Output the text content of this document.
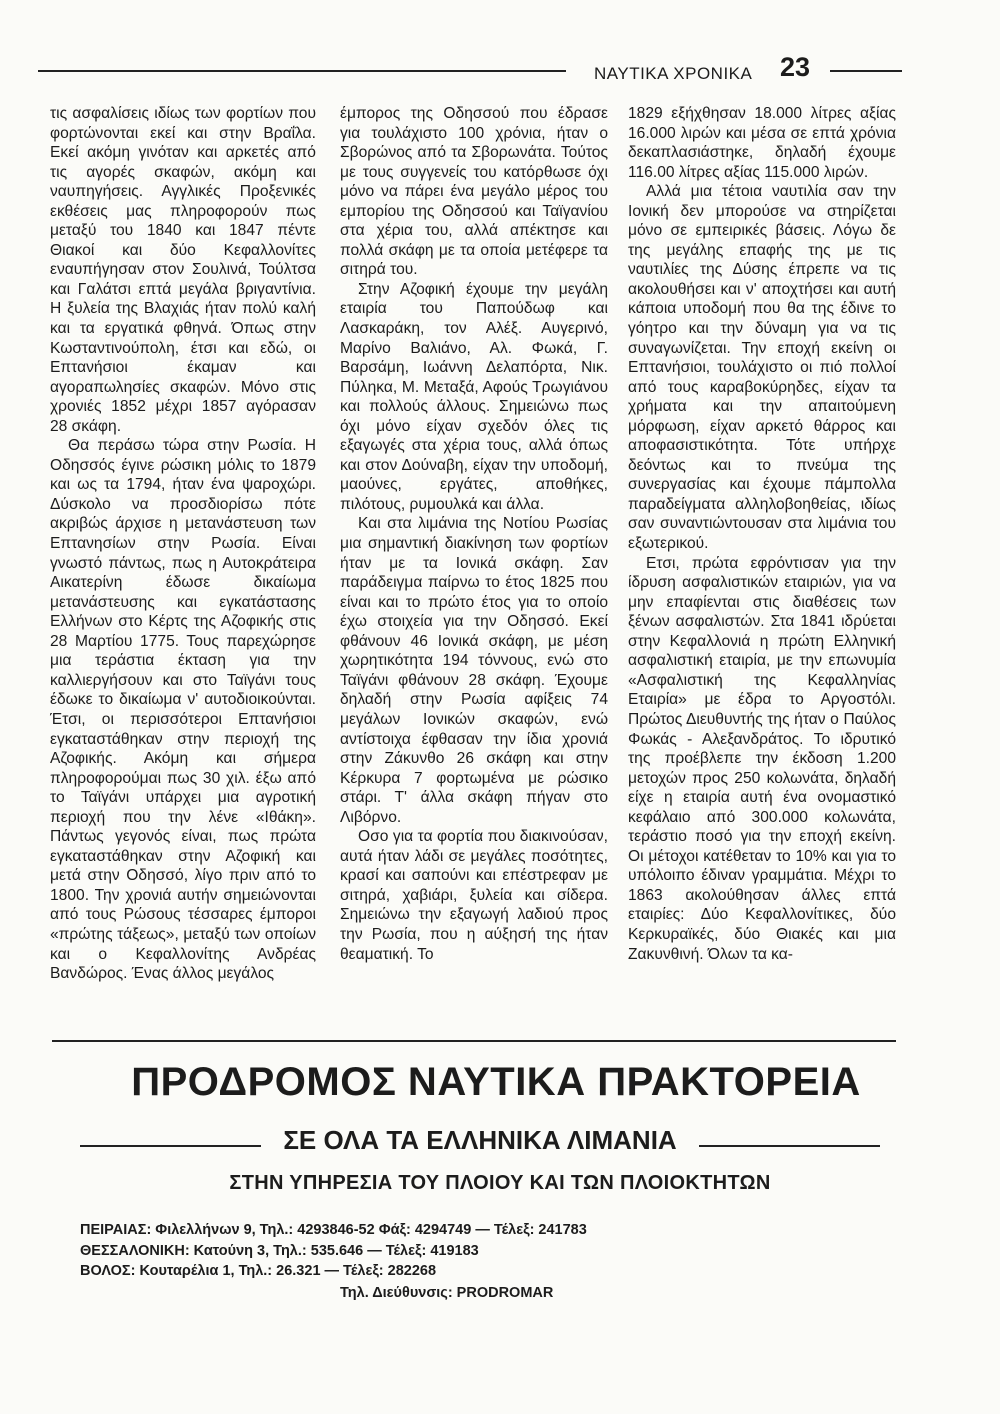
ΝΑΥΤΙΚΑ ΧΡΟΝΙΚΑ 23

τις ασφαλίσεις ιδίως των φορτίων που φορτώνονται εκεί και στην Βραΐλα. Εκεί ακόμη γινόταν και αρκετές από τις αγορές σκαφών, ακόμη και ναυπηγήσεις. Αγγλικές Προξενικές εκθέσεις μας πληροφορούν πως μεταξύ του 1840 και 1847 πέντε Θιακοί και δύο Κεφαλλονίτες εναυπήγησαν στον Σουλινά, Τούλτσα και Γαλάτσι επτά μεγάλα βριγαντίνια. Η ξυλεία της Βλαχιάς ήταν πολύ καλή και τα εργατικά φθηνά. Όπως στην Κωσταντινούπολη, έτσι και εδώ, οι Επτανήσιοι έκαμαν και αγοραπωλησίες σκαφών. Μόνο στις χρονιές 1852 μέχρι 1857 αγόρασαν 28 σκάφη.

Θα περάσω τώρα στην Ρωσία. Η Οδησσός έγινε ρώσικη μόλις το 1879 και ως τα 1794, ήταν ένα ψαροχώρι. Δύσκολο να προσδιορίσω πότε ακριβώς άρχισε η μετανάστευση των Επτανησίων στην Ρωσία. Είναι γνωστό πάντως, πως η Αυτοκράτειρα Αικατερίνη έδωσε δικαίωμα μετανάστευσης και εγκατάστασης Ελλήνων στο Κέρτς της Αζοφικής στις 28 Μαρτίου 1775. Τους παρεχώρησε μια τεράστια έκταση για την καλλιεργήσουν και στο Ταϊγάνι τους έδωκε το δικαίωμα ν' αυτοδιοικούνται. Έτσι, οι περισσότεροι Επτανήσιοι εγκαταστάθηκαν στην περιοχή της Αζοφικής. Ακόμη και σήμερα πληροφορούμαι πως 30 χιλ. έξω από το Ταϊγάνι υπάρχει μια αγροτική περιοχή που την λένε «Ιθάκη». Πάντως γεγονός είναι, πως πρώτα εγκαταστάθηκαν στην Αζοφική και μετά στην Οδησσό, λίγο πριν από το 1800. Την χρονιά αυτήν σημειώνονται από τους Ρώσους τέσσαρες έμποροι «πρώτης τάξεως», μεταξύ των οποίων και ο Κεφαλλονίτης Ανδρέας Βανδώρος. Ένας άλλος μεγάλος

έμπορος της Οδησσού που έδρασε για τουλάχιστο 100 χρόνια, ήταν ο Σβορώνος από τα Σβορωνάτα. Τούτος με τους συγγενείς του κατόρθωσε όχι μόνο να πάρει ένα μεγάλο μέρος του εμπορίου της Οδησσού και Ταϊγανίου στα χέρια του, αλλά απέκτησε και πολλά σκάφη με τα οποία μετέφερε τα σιτηρά του.

Στην Αζοφική έχουμε την μεγάλη εταιρία του Παπούδωφ και Λασκαράκη, τον Αλέξ. Αυγερινό, Μαρίνο Βαλιάνο, Αλ. Φωκά, Γ. Βαρσάμη, Ιωάννη Δελαπόρτα, Νικ. Πύληκα, Μ. Μεταξά, Αφούς Τρωγιάνου και πολλούς άλλους. Σημειώνω πως όχι μόνο είχαν σχεδόν όλες τις εξαγωγές στα χέρια τους, αλλά όπως και στον Δούναβη, είχαν την υποδομή, μαούνες, εργάτες, αποθήκες, πιλότους, ρυμουλκά και άλλα.

Και στα λιμάνια της Νοτίου Ρωσίας μια σημαντική διακίνηση των φορτίων ήταν με τα Ιονικά σκάφη. Σαν παράδειγμα παίρνω το έτος 1825 που είναι και το πρώτο έτος για το οποίο έχω στοιχεία για την Οδησσό. Εκεί φθάνουν 46 Ιονικά σκάφη, με μέση χωρητικότητα 194 τόννους, ενώ στο Ταϊγάνι φθάνουν 28 σκάφη. Έχουμε δηλαδή στην Ρωσία αφίξεις 74 μεγάλων Ιονικών σκαφών, ενώ αντίστοιχα έφθασαν την ίδια χρονιά στην Ζάκυνθο 26 σκάφη και στην Κέρκυρα 7 φορτωμένα με ρώσικο στάρι. Τ' άλλα σκάφη πήγαν στο Λιβόρνο.

Οσο για τα φορτία που διακινούσαν, αυτά ήταν λάδι σε μεγάλες ποσότητες, κρασί και σαπούνι και επέστρεφαν με σιτηρά, χαβιάρι, ξυλεία και σίδερα. Σημειώνω την εξαγωγή λαδιού προς την Ρωσία, που η αύξησή της ήταν θεαματική. Το

1829 εξήχθησαν 18.000 λίτρες αξίας 16.000 λιρών και μέσα σε επτά χρόνια δεκαπλασιάστηκε, δηλαδή έχουμε 116.00 λίτρες αξίας 115.000 λιρών.

Αλλά μια τέτοια ναυτιλία σαν την Ιονική δεν μπορούσε να στηρίζεται μόνο σε εμπειρικές βάσεις. Λόγω δε της μεγάλης επαφής της με τις ναυτιλίες της Δύσης έπρεπε να τις ακολουθήσει και ν' αποχτήσει και αυτή κάποια υποδομή που θα της έδινε το γόητρο και την δύναμη για να τις συναγωνίζεται. Την εποχή εκείνη οι Επτανήσιοι, τουλάχιστο οι πιό πολλοί από τους καραβοκύρηδες, είχαν τα χρήματα και την απαιτούμενη μόρφωση, είχαν αρκετό θάρρος και αποφασιστικότητα. Τότε υπήρχε δεόντως και το πνεύμα της συνεργασίας και έχουμε πάμπολλα παραδείγματα αλληλοβοηθείας, ιδίως σαν συναντιώντουσαν στα λιμάνια του εξωτερικού.

Ετσι, πρώτα εφρόντισαν για την ίδρυση ασφαλιστικών εταιριών, για να μην επαφίενται στις διαθέσεις των ξένων ασφαλιστών. Στα 1841 ιδρύεται στην Κεφαλλονιά η πρώτη Ελληνική ασφαλιστική εταιρία, με την επωνυμία «Ασφαλιστική της Κεφαλληνίας Εταιρία» με έδρα το Αργοστόλι. Πρώτος Διευθυντής της ήταν ο Παύλος Φωκάς - Αλεξανδράτος. Το ιδρυτικό της προέβλεπε την έκδοση 1.200 μετοχών προς 250 κολωνάτα, δηλαδή είχε η εταιρία αυτή ένα ονομαστικό κεφάλαιο από 300.000 κολωνάτα, τεράστιο ποσό για την εποχή εκείνη. Οι μέτοχοι κατέθεταν το 10% και για το υπόλοιπο έδιναν γραμμάτια. Μέχρι το 1863 ακολούθησαν άλλες επτά εταιρίες: Δύο Κεφαλλονίτικες, δύο Κερκυραϊκές, δύο Θιακές και μια Ζακυνθινή. Όλων τα κα-

ΠΡΟΔΡΟΜΟΣ ΝΑΥΤΙΚΑ ΠΡΑΚΤΟΡΕΙΑ
ΣΕ ΟΛΑ ΤΑ ΕΛΛΗΝΙΚΑ ΛΙΜΑΝΙΑ
ΣΤΗΝ ΥΠΗΡΕΣΙΑ ΤΟΥ ΠΛΟΙΟΥ ΚΑΙ ΤΩΝ ΠΛΟΙΟΚΤΗΤΩΝ
ΠΕΙΡΑΙΑΣ: Φιλελλήνων 9, Τηλ.: 4293846-52 Φάξ: 4294749 — Τέλεξ: 241783
ΘΕΣΣΑΛΟΝΙΚΗ: Κατούνη 3, Τηλ.: 535.646 — Τέλεξ: 419183
ΒΟΛΟΣ: Κουταρέλια 1, Τηλ.: 26.321 — Τέλεξ: 282268
Τηλ. Διεύθυνσις: PRODROMAR
